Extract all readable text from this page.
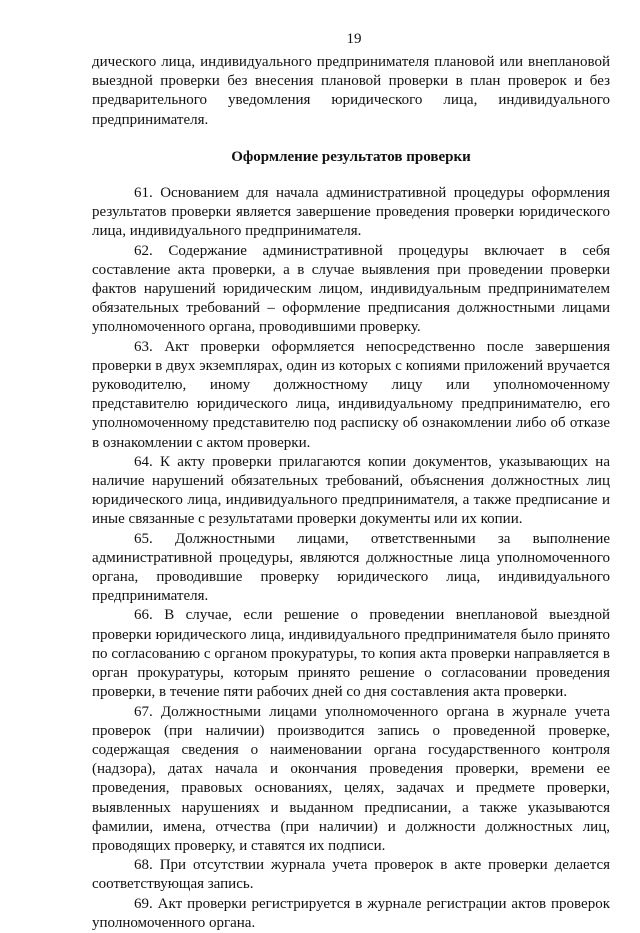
19

дического лица, индивидуального предпринимателя плановой или внеплановой выездной проверки без внесения плановой проверки в план проверок и без предварительного уведомления юридического лица, индивидуального предпринимателя.

Оформление результатов проверки

61. Основанием для начала административной процедуры оформления результатов проверки является завершение проведения проверки юридического лица, индивидуального предпринимателя.

62. Содержание административной процедуры включает в себя составление акта проверки, а в случае выявления при проведении проверки фактов нарушений юридическим лицом, индивидуальным предпринимателем обязательных требований – оформление предписания должностными лицами уполномоченного органа, проводившими проверку.

63. Акт проверки оформляется непосредственно после завершения проверки в двух экземплярах, один из которых с копиями приложений вручается руководителю, иному должностному лицу или уполномоченному представителю юридического лица, индивидуальному предпринимателю, его уполномоченному представителю под расписку об ознакомлении либо об отказе в ознакомлении с актом проверки.

64. К акту проверки прилагаются копии документов, указывающих на наличие нарушений обязательных требований, объяснения должностных лиц юридического лица, индивидуального предпринимателя, а также предписание и иные связанные с результатами проверки документы или их копии.

65. Должностными лицами, ответственными за выполнение административной процедуры, являются должностные лица уполномоченного органа, проводившие проверку юридического лица, индивидуального предпринимателя.

66. В случае, если решение о проведении внеплановой выездной проверки юридического лица, индивидуального предпринимателя было принято по согласованию с органом прокуратуры, то копия акта проверки направляется в орган прокуратуры, которым принято решение о согласовании проведения проверки, в течение пяти рабочих дней со дня составления акта проверки.

67. Должностными лицами уполномоченного органа в журнале учета проверок (при наличии) производится запись о проведенной проверке, содержащая сведения о наименовании органа государственного контроля (надзора), датах начала и окончания проведения проверки, времени ее проведения, правовых основаниях, целях, задачах и предмете проверки, выявленных нарушениях и выданном предписании, а также указываются фамилии, имена, отчества (при наличии) и должности должностных лиц, проводящих проверку, и ставятся их подписи.

68. При отсутствии журнала учета проверок в акте проверки делается соответствующая запись.

69. Акт проверки регистрируется в журнале регистрации актов проверок уполномоченного органа.
